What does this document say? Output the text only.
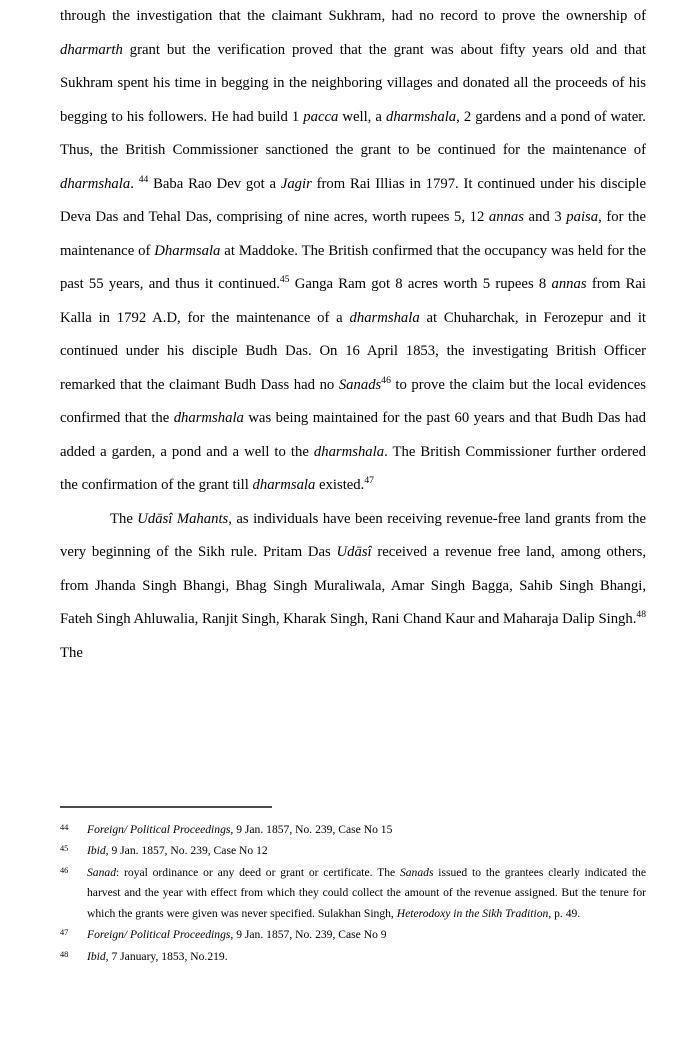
through the investigation that the claimant Sukhram, had no record to prove the ownership of dharmarth grant but the verification proved that the grant was about fifty years old and that Sukhram spent his time in begging in the neighboring villages and donated all the proceeds of his begging to his followers. He had build 1 pacca well, a dharmshala, 2 gardens and a pond of water. Thus, the British Commissioner sanctioned the grant to be continued for the maintenance of dharmshala. $^{44}$ Baba Rao Dev got a Jagir from Rai Illias in 1797. It continued under his disciple Deva Das and Tehal Das, comprising of nine acres, worth rupees 5, 12 annas and 3 paisa, for the maintenance of Dharmsala at Maddoke. The British confirmed that the occupancy was held for the past 55 years, and thus it continued.$^{45}$ Ganga Ram got 8 acres worth 5 rupees 8 annas from Rai Kalla in 1792 A.D, for the maintenance of a dharmshala at Chuharchak, in Ferozepur and it continued under his disciple Budh Das. On 16 April 1853, the investigating British Officer remarked that the claimant Budh Dass had no Sanads$^{46}$ to prove the claim but the local evidences confirmed that the dharmshala was being maintained for the past 60 years and that Budh Das had added a garden, a pond and a well to the dharmshala. The British Commissioner further ordered the confirmation of the grant till dharmsala existed.$^{47}$

The Udāsî Mahants, as individuals have been receiving revenue-free land grants from the very beginning of the Sikh rule. Pritam Das Udāsî received a revenue free land, among others, from Jhanda Singh Bhangi, Bhag Singh Muraliwala, Amar Singh Bagga, Sahib Singh Bhangi, Fateh Singh Ahluwalia, Ranjit Singh, Kharak Singh, Rani Chand Kaur and Maharaja Dalip Singh.$^{48}$ The

44	Foreign/ Political Proceedings, 9 Jan. 1857, No. 239, Case No 15
45	Ibid, 9 Jan. 1857, No. 239, Case No 12
46	Sanad: royal ordinance or any deed or grant or certificate. The Sanads issued to the grantees clearly indicated the harvest and the year with effect from which they could collect the amount of the revenue assigned. But the tenure for which the grants were given was never specified. Sulakhan Singh, Heterodoxy in the Sikh Tradition, p. 49.
47	Foreign/ Political Proceedings, 9 Jan. 1857, No. 239, Case No 9
48	Ibid, 7 January, 1853, No.219.
